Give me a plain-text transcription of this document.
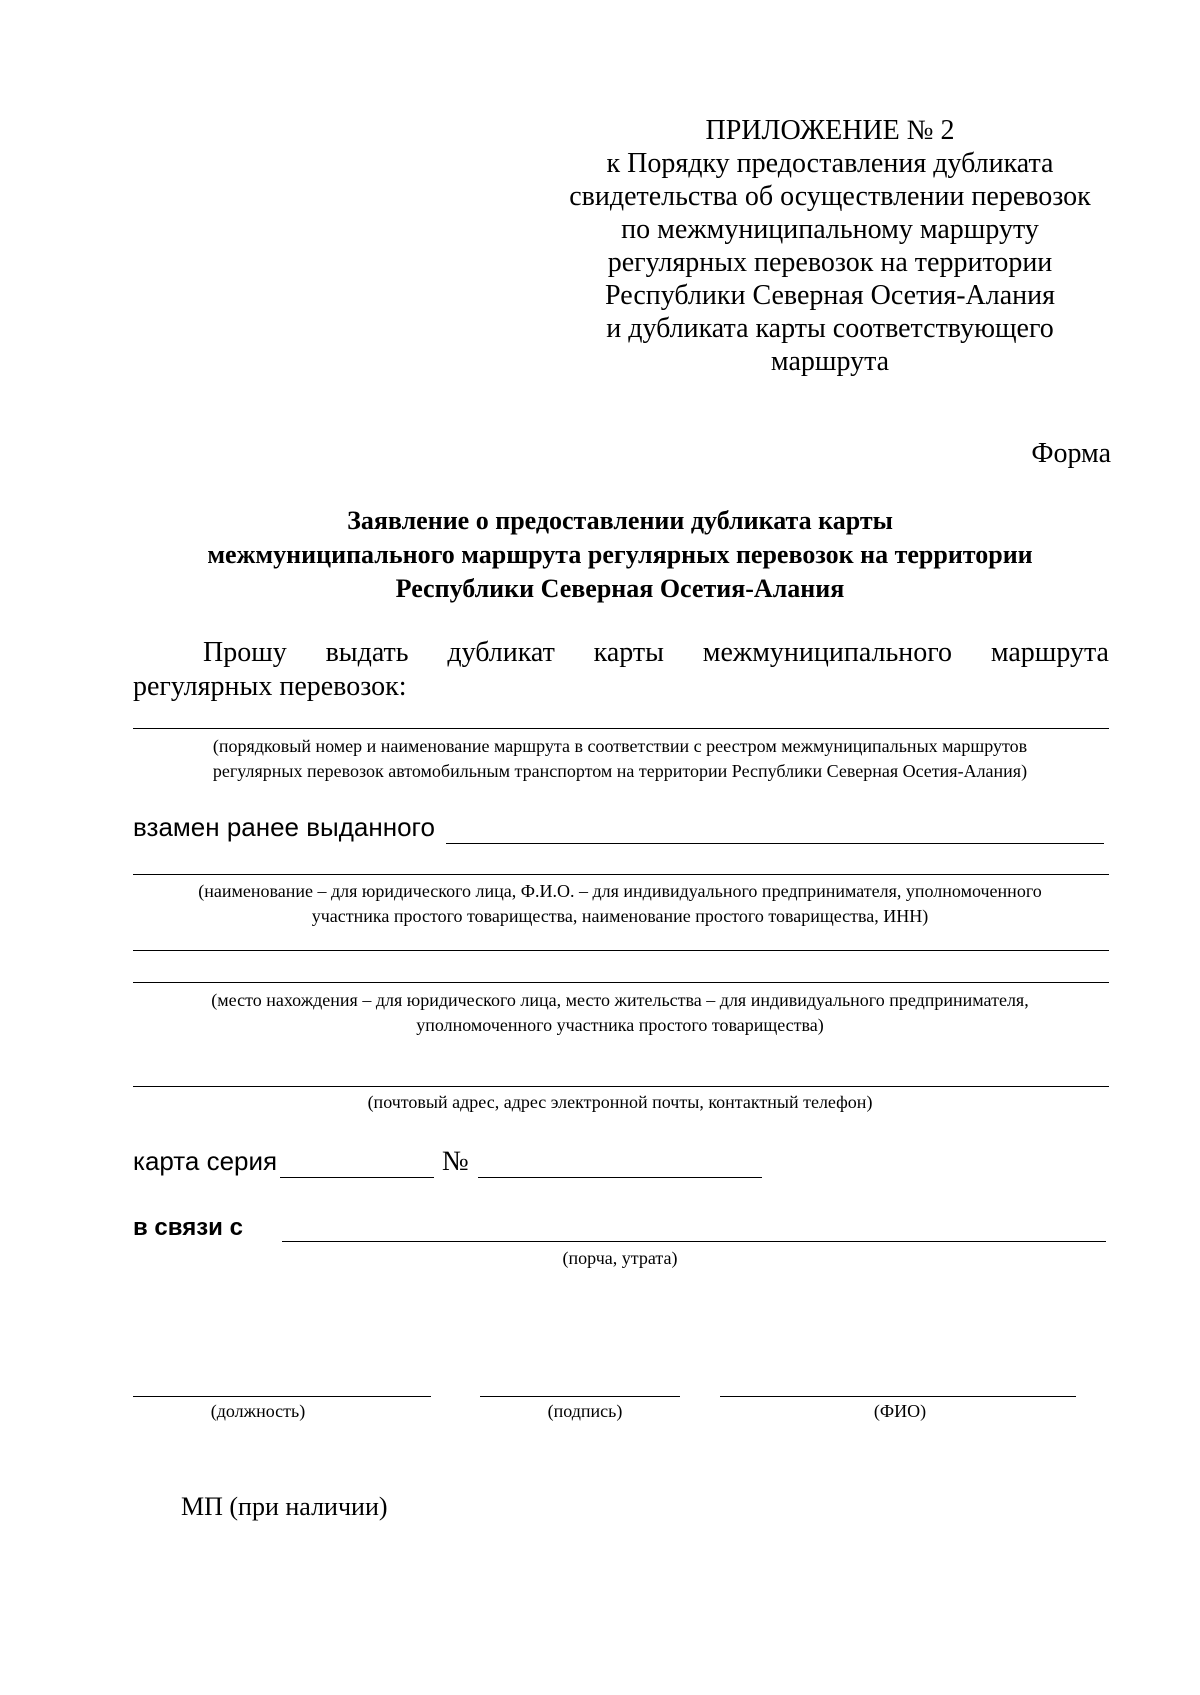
ПРИЛОЖЕНИЕ № 2
к Порядку предоставления дубликата
свидетельства об осуществлении перевозок
по межмуниципальному маршруту
регулярных перевозок на территории
Республики Северная Осетия-Алания
и дубликата карты соответствующего
маршрута
Форма
Заявление о предоставлении дубликата карты
межмуниципального маршрута регулярных перевозок на территории
Республики Северная Осетия-Алания
Прошу выдать дубликат карты межмуниципального маршрута
регулярных перевозок:
(порядковый номер и наименование маршрута в соответствии с реестром межмуниципальных маршрутов
регулярных перевозок автомобильным транспортом на территории Республики Северная Осетия-Алания)
взамен ранее выданного
(наименование – для юридического лица, Ф.И.О. – для индивидуального предпринимателя, уполномоченного
участника простого товарищества, наименование простого товарищества, ИНН)
(место нахождения – для юридического лица, место жительства – для индивидуального предпринимателя,
уполномоченного участника простого товарищества)
(почтовый адрес, адрес электронной почты, контактный телефон)
карта серия	№
в связи с
(порча, утрата)
(должность)	(подпись)	(ФИО)
МП (при наличии)
